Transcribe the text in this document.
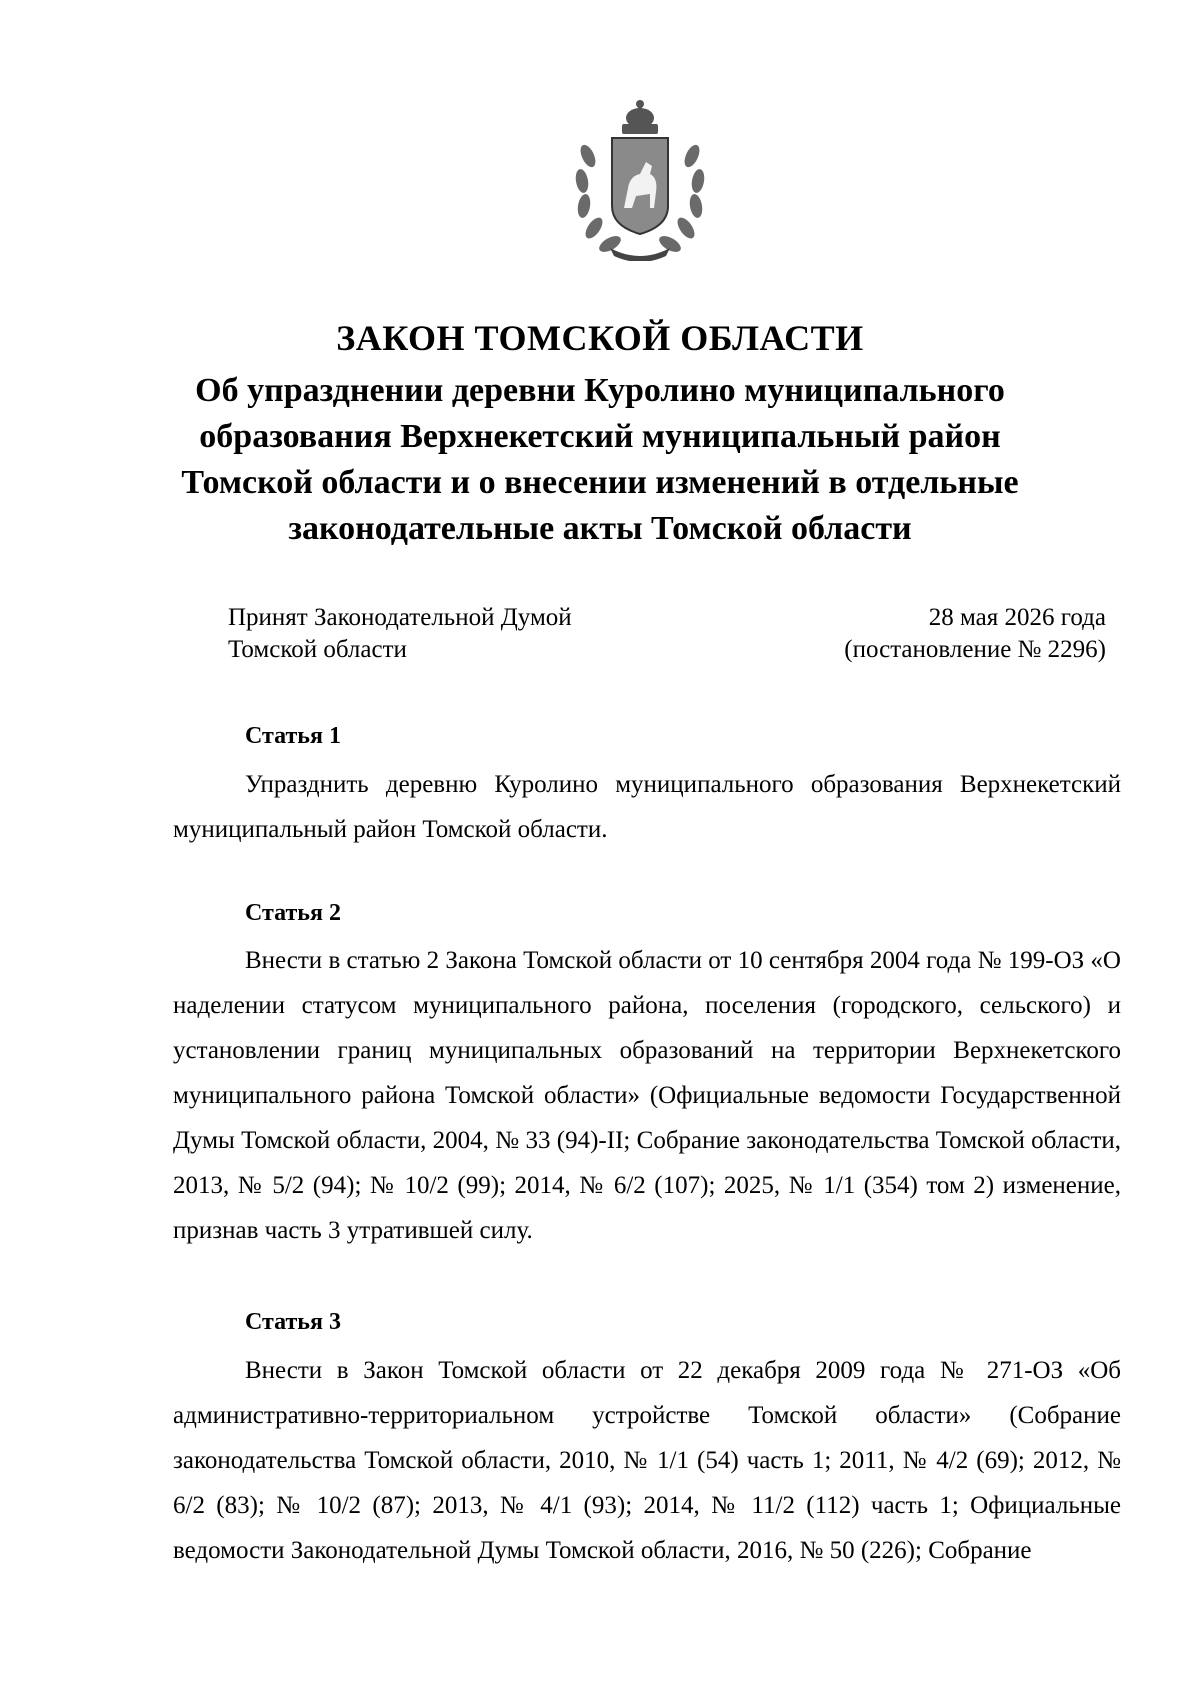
ЗАКОН ТОМСКОЙ ОБЛАСТИ
Об упразднении деревни Куролино муниципального
образования Верхнекетский муниципальный район
Томской области и о внесении изменений в отдельные
законодательные акты Томской области
Принят Законодательной Думой
Томской области
28 мая 2026 года
(постановление № 2296)
Статья 1

Упразднить деревню Куролино муниципального образования Верхнекетский муниципальный район Томской области.

Статья 2

Внести в статью 2 Закона Томской области от 10 сентября 2004 года № 199-ОЗ «О наделении статусом муниципального района, поселения (городского, сельского) и установлении границ муниципальных образований на территории Верхнекетского муниципального района Томской области» (Официальные ведомости Государственной Думы Томской области, 2004, № 33 (94)-II; Собрание законодательства Томской области, 2013, № 5/2 (94); № 10/2 (99); 2014, № 6/2 (107); 2025, № 1/1 (354) том 2) изменение, признав часть 3 утратившей силу.

Статья 3

Внести в Закон Томской области от 22 декабря 2009 года № 271-ОЗ «Об административно-территориальном устройстве Томской области» (Собрание законодательства Томской области, 2010, № 1/1 (54) часть 1; 2011, № 4/2 (69); 2012, № 6/2 (83); № 10/2 (87); 2013, № 4/1 (93); 2014, № 11/2 (112) часть 1; Официальные ведомости Законодательной Думы Томской области, 2016, № 50 (226); Собрание
